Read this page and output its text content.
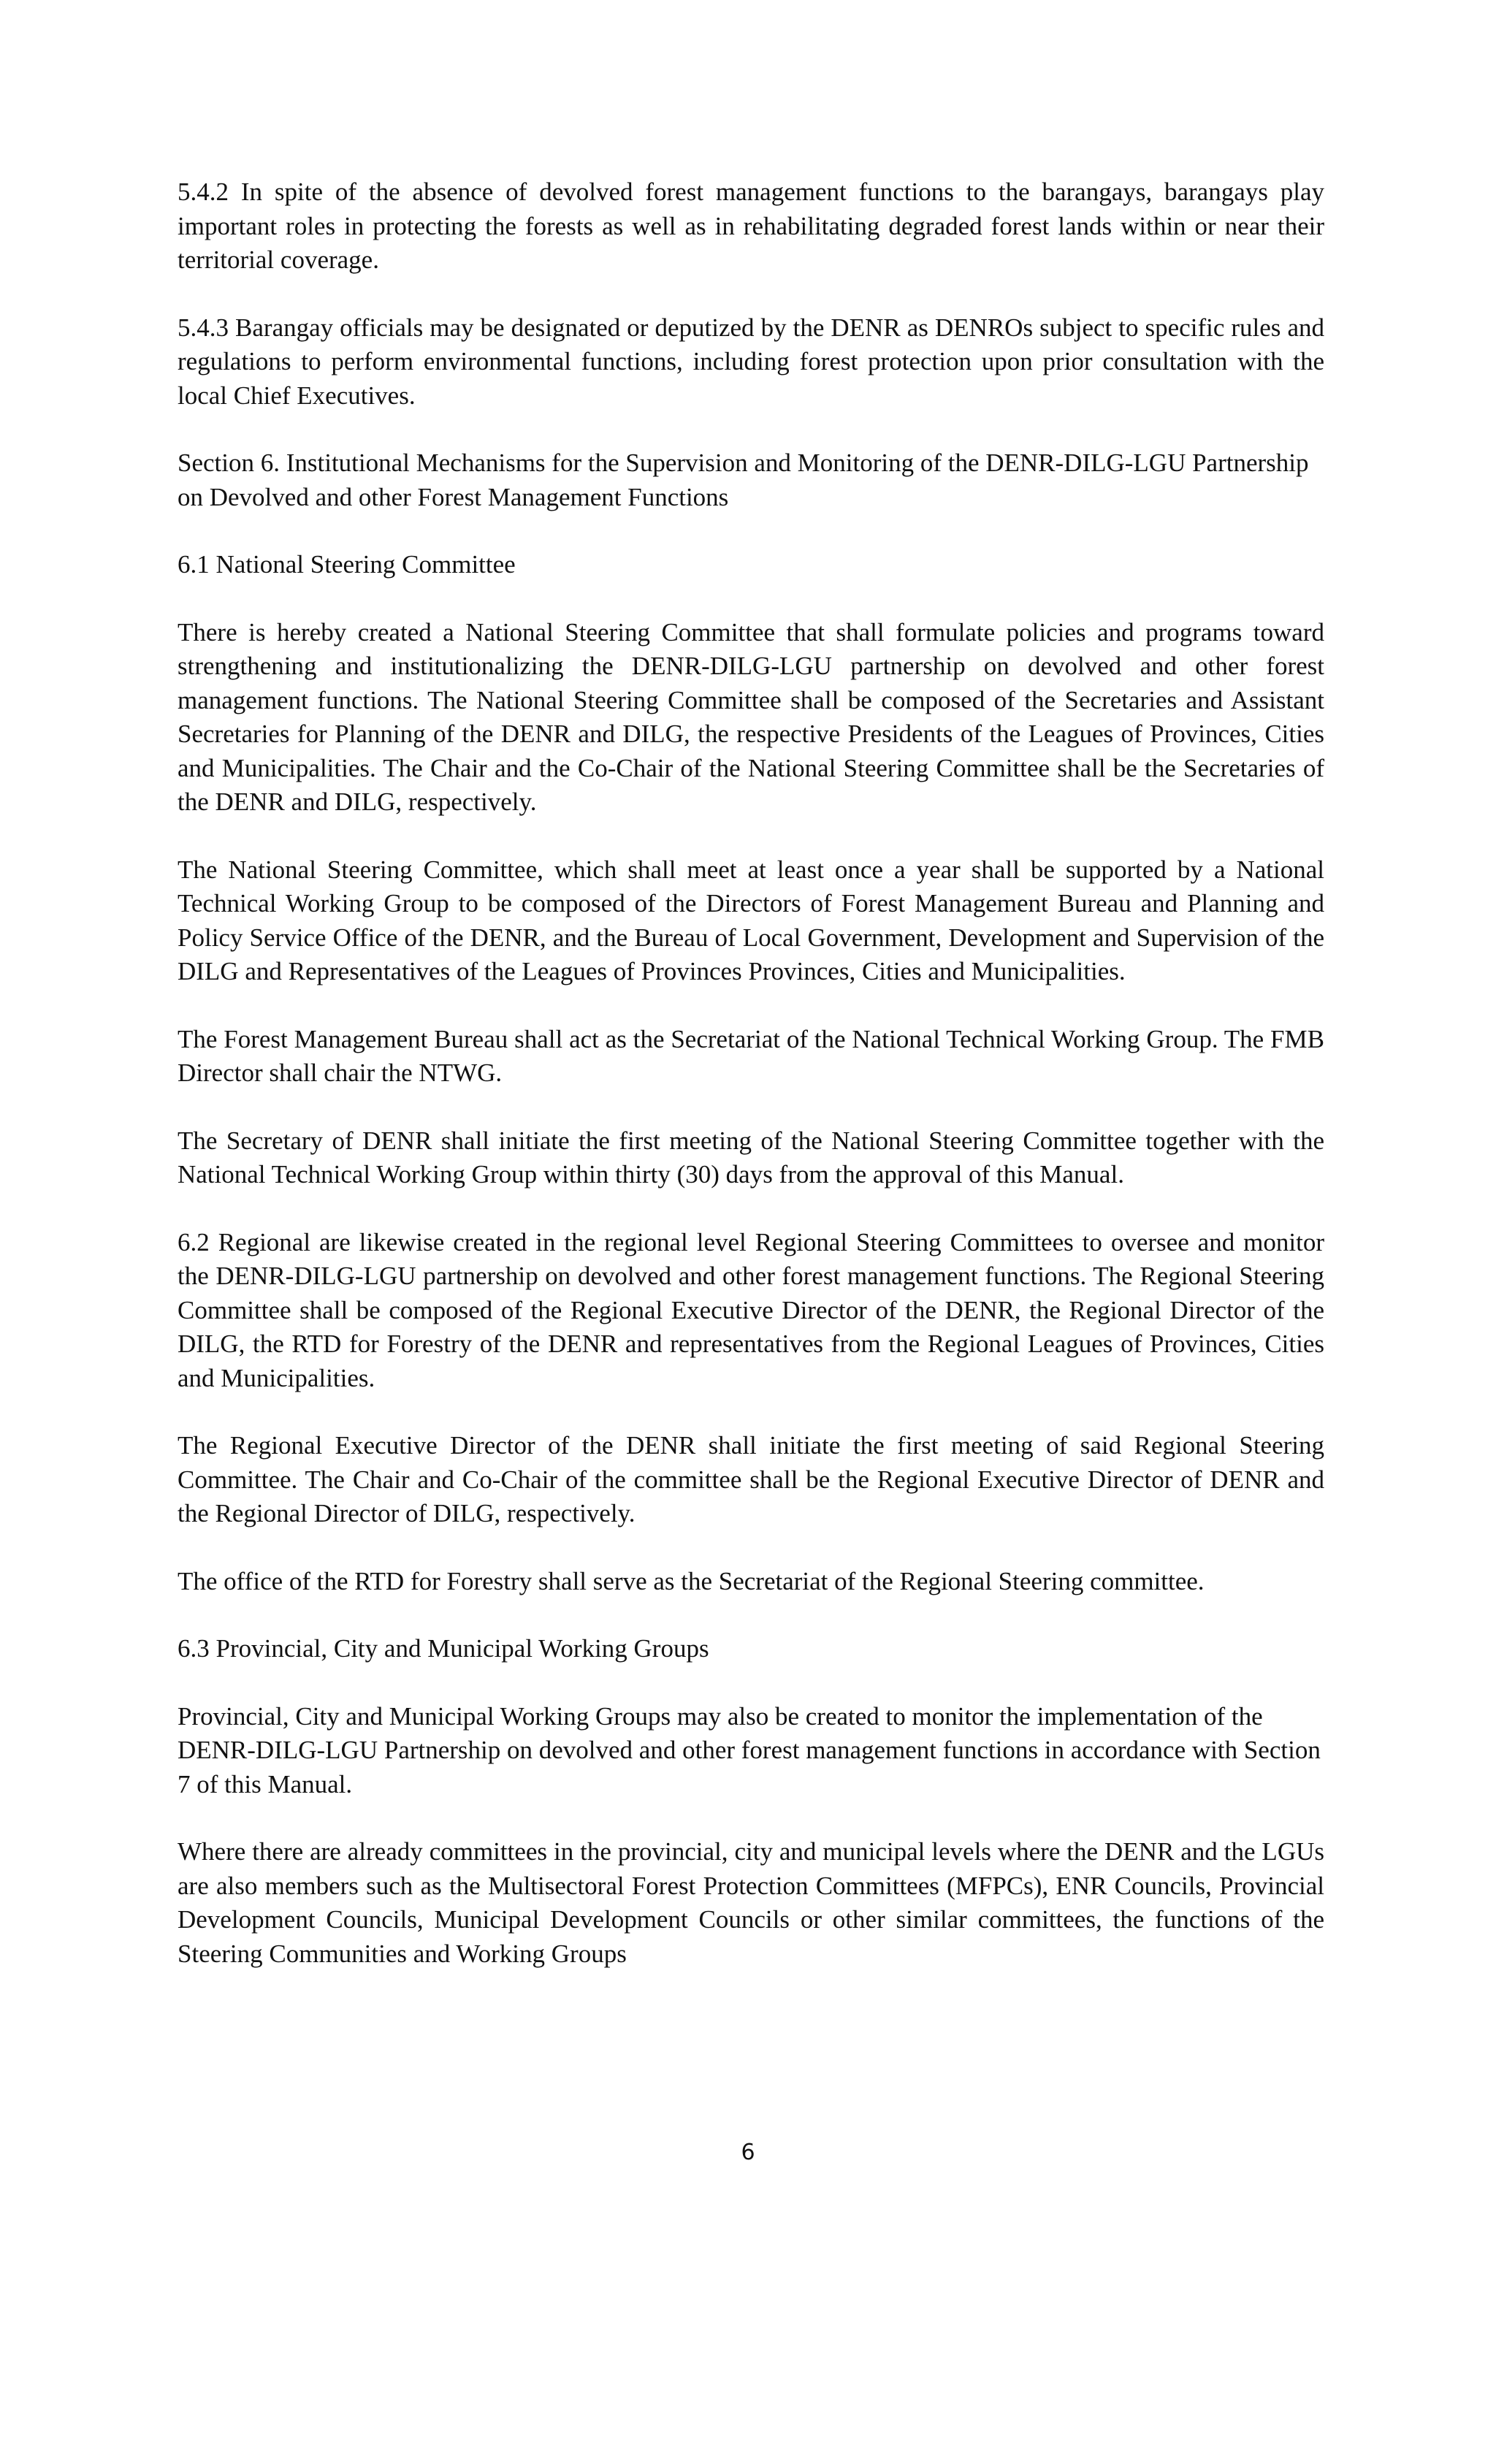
5.4.2 In spite of the absence of devolved forest management functions to the barangays, barangays play important roles in protecting the forests as well as in rehabilitating degraded forest lands within or near their territorial coverage.

5.4.3 Barangay officials may be designated or deputized by the DENR as DENROs subject to specific rules and regulations to perform environmental functions, including forest protection upon prior consultation with the local Chief Executives.

Section 6. Institutional Mechanisms for the Supervision and Monitoring of the DENR-DILG-LGU Partnership on Devolved and other Forest Management Functions

6.1 National Steering Committee

There is hereby created a National Steering Committee that shall formulate policies and programs toward strengthening and institutionalizing the DENR-DILG-LGU partnership on devolved and other forest management functions. The National Steering Committee shall be composed of the Secretaries and Assistant Secretaries for Planning of the DENR and DILG, the respective Presidents of the Leagues of Provinces, Cities and Municipalities. The Chair and the Co-Chair of the National Steering Committee shall be the Secretaries of the DENR and DILG, respectively.

The National Steering Committee, which shall meet at least once a year shall be supported by a National Technical Working Group to be composed of the Directors of Forest Management Bureau and Planning and Policy Service Office of the DENR, and the Bureau of Local Government, Development and Supervision of the DILG and Representatives of the Leagues of Provinces Provinces, Cities and Municipalities.

The Forest Management Bureau shall act as the Secretariat of the National Technical Working Group. The FMB Director shall chair the NTWG.

The Secretary of DENR shall initiate the first meeting of the National Steering Committee together with the National Technical Working Group within thirty (30) days from the approval of this Manual.

6.2 Regional are likewise created in the regional level Regional Steering Committees to oversee and monitor the DENR-DILG-LGU partnership on devolved and other forest management functions. The Regional Steering Committee shall be composed of the Regional Executive Director of the DENR, the Regional Director of the DILG, the RTD for Forestry of the DENR and representatives from the Regional Leagues of Provinces, Cities and Municipalities.

The Regional Executive Director of the DENR shall initiate the first meeting of said Regional Steering Committee. The Chair and Co-Chair of the committee shall be the Regional Executive Director of DENR and the Regional Director of DILG, respectively.

The office of the RTD for Forestry shall serve as the Secretariat of the Regional Steering committee.

6.3 Provincial, City and Municipal Working Groups

Provincial, City and Municipal Working Groups may also be created to monitor the implementation of the DENR-DILG-LGU Partnership on devolved and other forest management functions in accordance with Section 7 of this Manual.

Where there are already committees in the provincial, city and municipal levels where the DENR and the LGUs are also members such as the Multisectoral Forest Protection Committees (MFPCs), ENR Councils, Provincial Development Councils, Municipal Development Councils or other similar committees, the functions of the Steering Communities and Working Groups

6
